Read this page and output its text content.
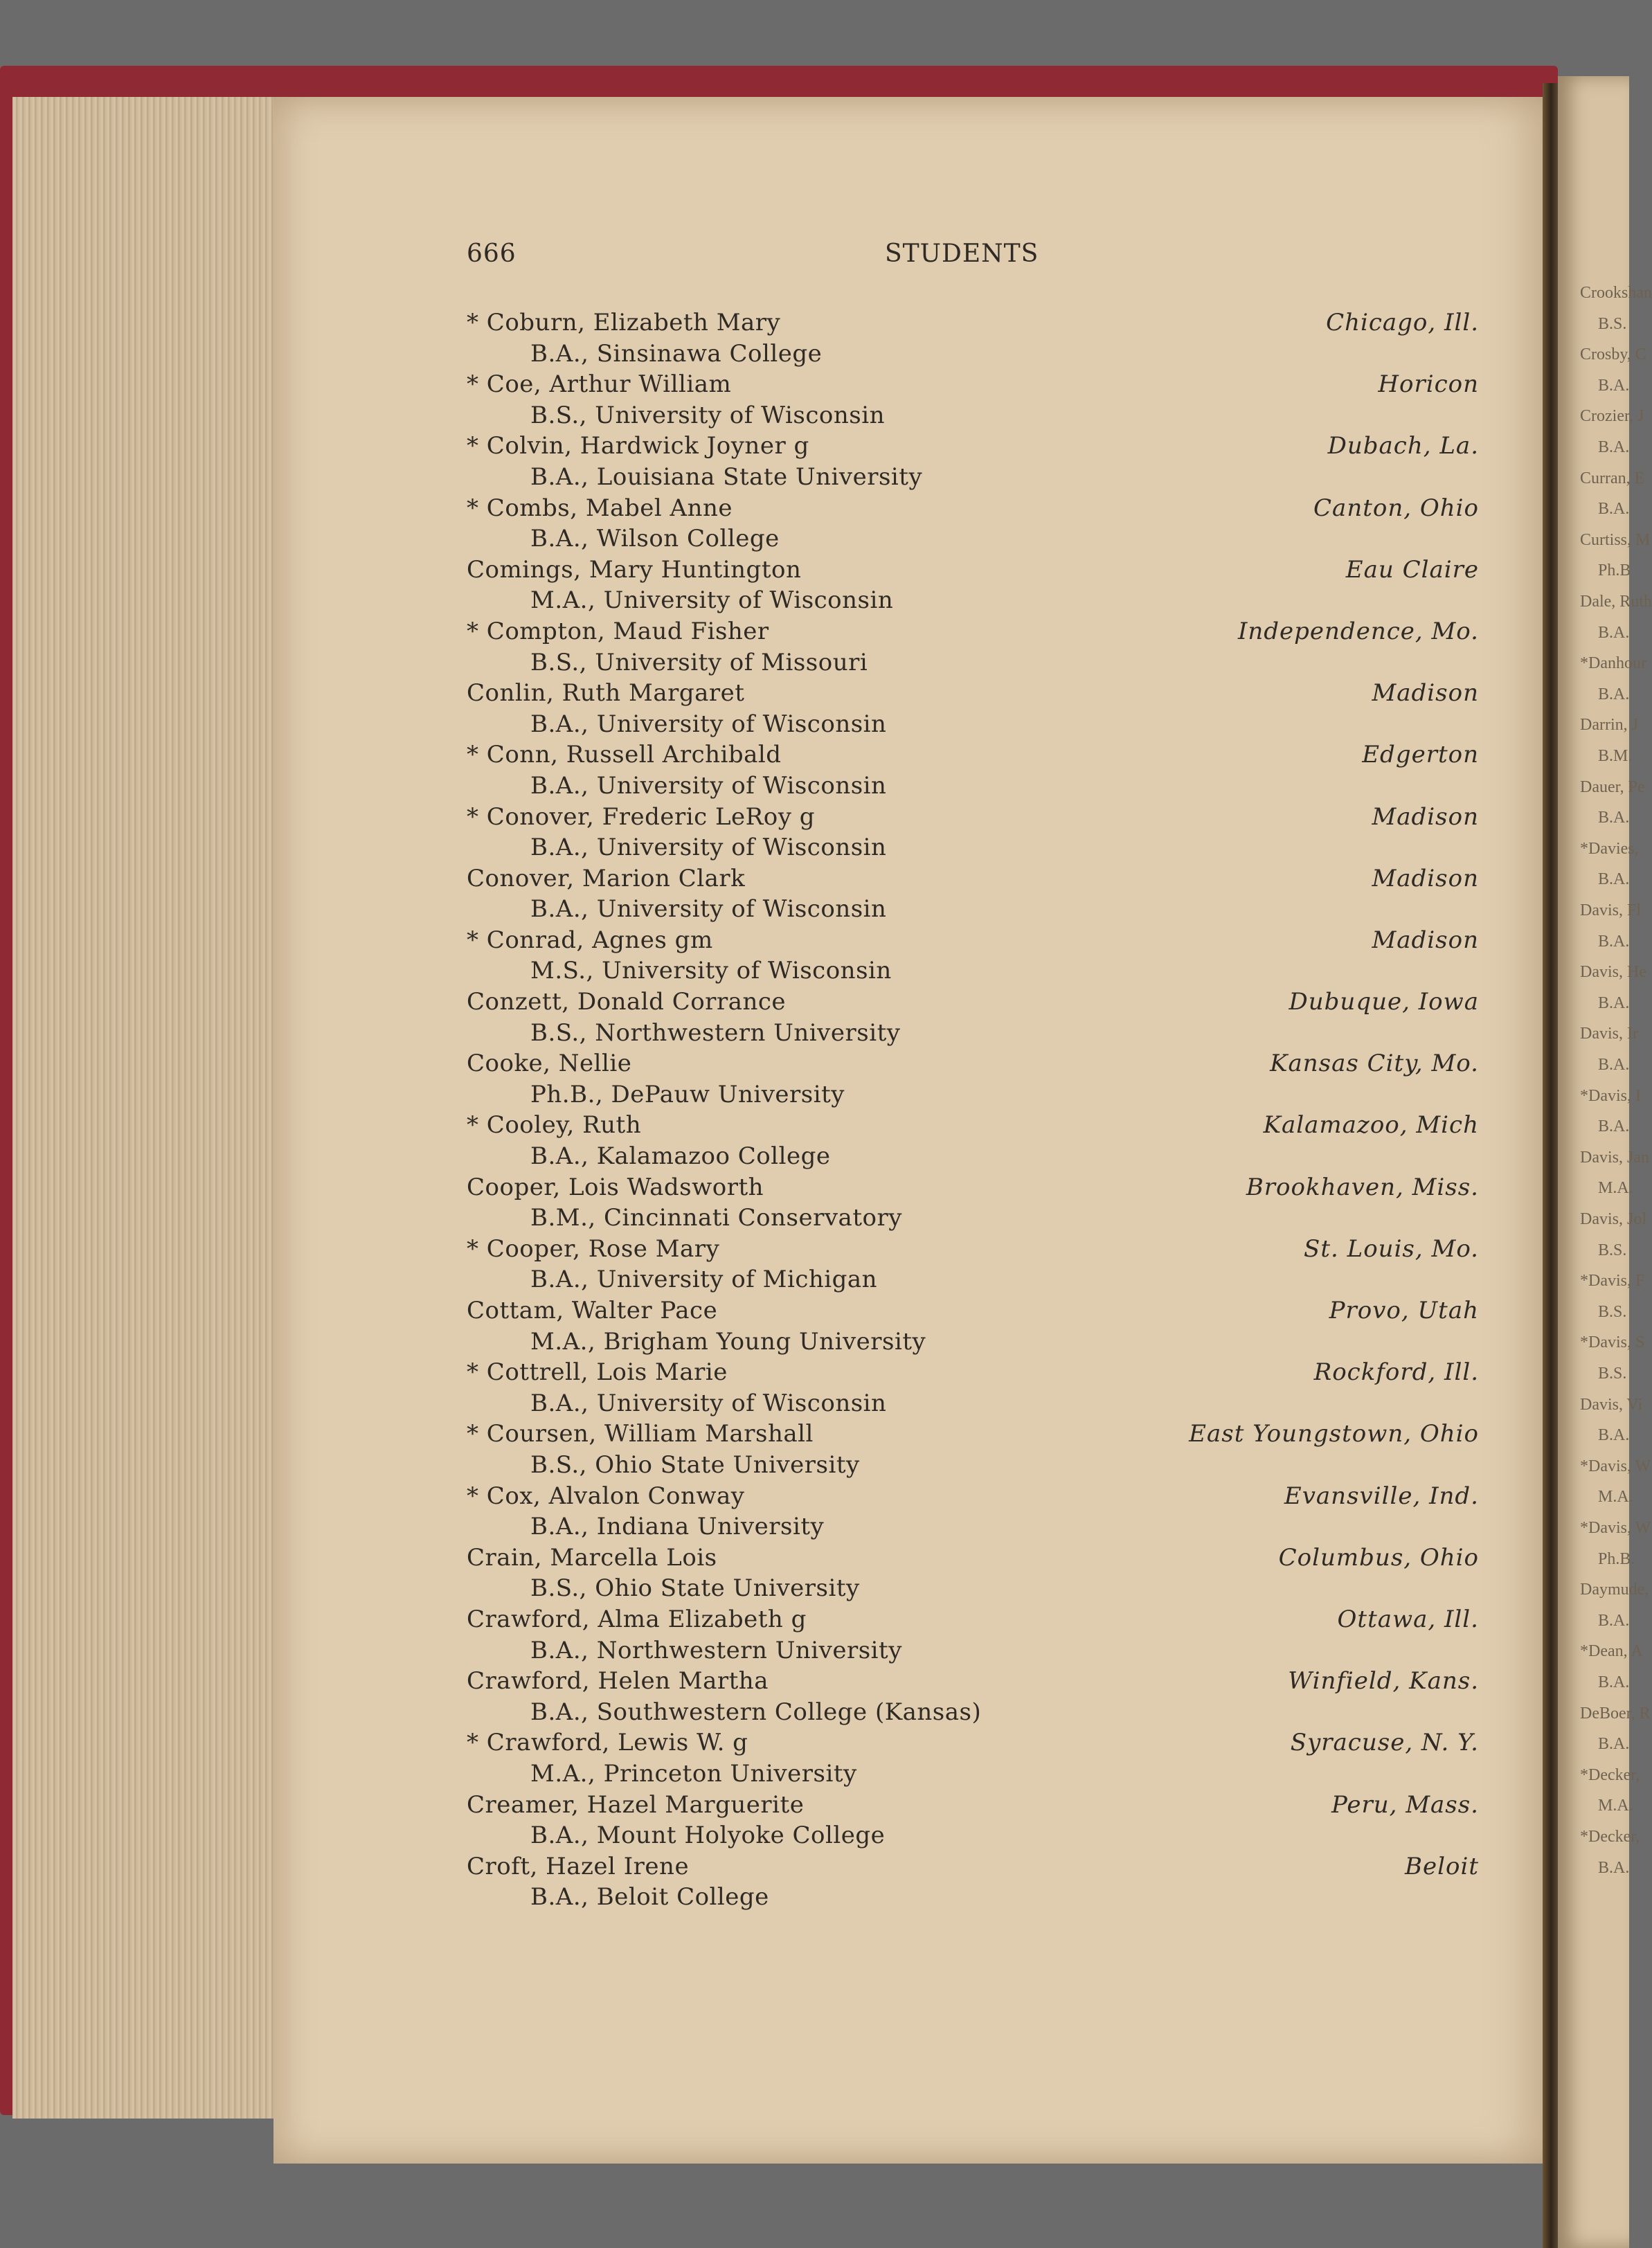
Crookshan
B.S.
Crosby, C
B.A.
Crozier, J
B.A.
Curran, E
B.A.
Curtiss, M
Ph.B
Dale, Ruth
B.A.
*Danhour
B.A.
Darrin, J
B.M.
Dauer, Pe
B.A.
*Davies,
B.A.
Davis, Fl
B.A.
Davis, He
B.A.
Davis, Ir
B.A.
*Davis, I
B.A.
Davis, Jan
M.A.
Davis, Jol
B.S.
*Davis, F
B.S.
*Davis, S
B.S.
Davis, Vi
B.A.
*Davis, W
M.A.
*Davis, W
Ph.B.
Daymude,
B.A.
*Dean, A
B.A.
DeBoer, R
B.A.
*Decker,
M.A.
*Decker,
B.A.
666	STUDENTS
* Coburn, Elizabeth Mary	Chicago, Ill.
B.A., Sinsinawa College
* Coe, Arthur William	Horicon
B.S., University of Wisconsin
* Colvin, Hardwick Joyner g	Dubach, La.
B.A., Louisiana State University
* Combs, Mabel Anne	Canton, Ohio
B.A., Wilson College
Comings, Mary Huntington	Eau Claire
M.A., University of Wisconsin
* Compton, Maud Fisher	Independence, Mo.
B.S., University of Missouri
Conlin, Ruth Margaret	Madison
B.A., University of Wisconsin
* Conn, Russell Archibald	Edgerton
B.A., University of Wisconsin
* Conover, Frederic LeRoy g	Madison
B.A., University of Wisconsin
Conover, Marion Clark	Madison
B.A., University of Wisconsin
* Conrad, Agnes gm	Madison
M.S., University of Wisconsin
Conzett, Donald Corrance	Dubuque, Iowa
B.S., Northwestern University
Cooke, Nellie	Kansas City, Mo.
Ph.B., DePauw University
* Cooley, Ruth	Kalamazoo, Mich
B.A., Kalamazoo College
Cooper, Lois Wadsworth	Brookhaven, Miss.
B.M., Cincinnati Conservatory
* Cooper, Rose Mary	St. Louis, Mo.
B.A., University of Michigan
Cottam, Walter Pace	Provo, Utah
M.A., Brigham Young University
* Cottrell, Lois Marie	Rockford, Ill.
B.A., University of Wisconsin
* Coursen, William Marshall	East Youngstown, Ohio
B.S., Ohio State University
* Cox, Alvalon Conway	Evansville, Ind.
B.A., Indiana University
Crain, Marcella Lois	Columbus, Ohio
B.S., Ohio State University
Crawford, Alma Elizabeth g	Ottawa, Ill.
B.A., Northwestern University
Crawford, Helen Martha	Winfield, Kans.
B.A., Southwestern College (Kansas)
* Crawford, Lewis W. g	Syracuse, N. Y.
M.A., Princeton University
Creamer, Hazel Marguerite	Peru, Mass.
B.A., Mount Holyoke College
Croft, Hazel Irene	Beloit
B.A., Beloit College
